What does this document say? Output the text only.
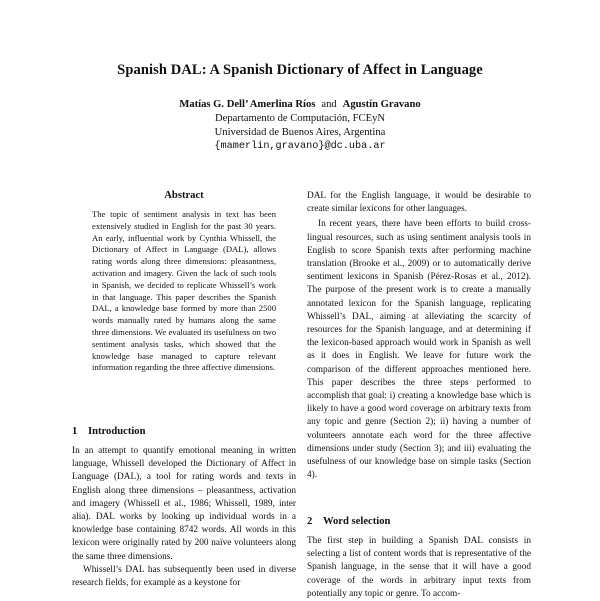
Spanish DAL: A Spanish Dictionary of Affect in Language
Matías G. Dell’ Amerlina Ríos and Agustín Gravano
Departamento de Computación, FCEyN
Universidad de Buenos Aires, Argentina
{mamerlin,gravano}@dc.uba.ar
Abstract

The topic of sentiment analysis in text has been extensively studied in English for the past 30 years. An early, influential work by Cynthia Whissell, the Dictionary of Affect in Language (DAL), allows rating words along three dimensions: pleasantness, activation and imagery. Given the lack of such tools in Spanish, we decided to replicate Whissell’s work in that language. This paper describes the Spanish DAL, a knowledge base formed by more than 2500 words manually rated by humans along the same three dimensions. We evaluated its usefulness on two sentiment analysis tasks, which showed that the knowledge base managed to capture relevant information regarding the three affective dimensions.

1 Introduction

In an attempt to quantify emotional meaning in written language, Whissell developed the Dictionary of Affect in Language (DAL), a tool for rating words and texts in English along three dimensions – pleasantness, activation and imagery (Whissell et al., 1986; Whissell, 1989, inter alia). DAL works by looking up individual words in a knowledge base containing 8742 words. All words in this lexicon were originally rated by 200 naïve volunteers along the same three dimensions.

Whissell’s DAL has subsequently been used in diverse research fields, for example as a keystone for

DAL for the English language, it would be desirable to create similar lexicons for other languages.

In recent years, there have been efforts to build cross-lingual resources, such as using sentiment analysis tools in English to score Spanish texts after performing machine translation (Brooke et al., 2009) or to automatically derive sentiment lexicons in Spanish (Pérez-Rosas et al., 2012). The purpose of the present work is to create a manually annotated lexicon for the Spanish language, replicating Whissell’s DAL, aiming at alleviating the scarcity of resources for the Spanish language, and at determining if the lexicon-based approach would work in Spanish as well as it does in English. We leave for future work the comparison of the different approaches mentioned here. This paper describes the three steps performed to accomplish that goal: i) creating a knowledge base which is likely to have a good word coverage on arbitrary texts from any topic and genre (Section 2); ii) having a number of volunteers annotate each word for the three affective dimensions under study (Section 3); and iii) evaluating the usefulness of our knowledge base on simple tasks (Section 4).

2 Word selection

The first step in building a Spanish DAL consists in selecting a list of content words that is representative of the Spanish language, in the sense that it will have a good coverage of the words in arbitrary input texts from potentially any topic or genre. To accom-
